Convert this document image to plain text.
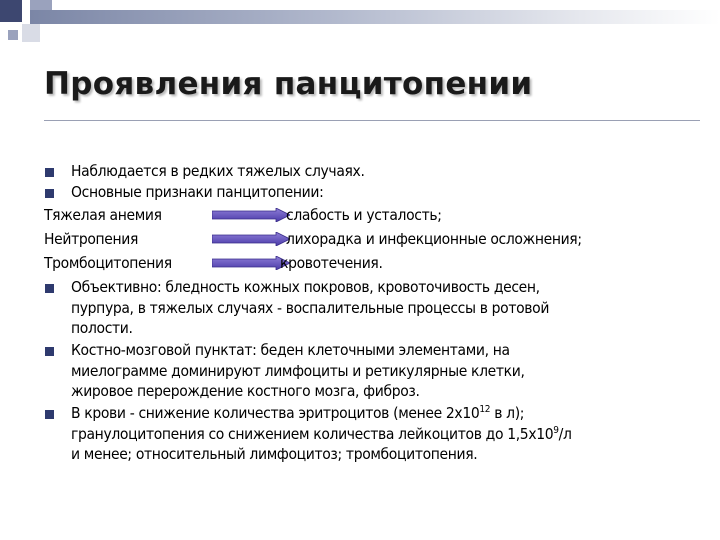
Проявления панцитопении
Наблюдается в редких тяжелых случаях.
Основные признаки панцитопении:
Тяжелая анемия	слабость и усталость;
Нейтропения	лихорадка и инфекционные осложнения;
Тромбоцитопения	кровотечения.
Объективно: бледность кожных покровов, кровоточивость десен,
пурпура, в тяжелых случаях - воспалительные процессы в ротовой
полости.
Костно-мозговой пунктат: беден клеточными элементами, на
миелограмме доминируют лимфоциты и ретикулярные клетки,
жировое перерождение костного мозга, фиброз.
В крови - снижение количества эритроцитов (менее $2х10^{12}$ в л);
гранулоцитопения со снижением количества лейкоцитов до $1,5х10^9/л$
и менее; относительный лимфоцитоз; тромбоцитопения.
